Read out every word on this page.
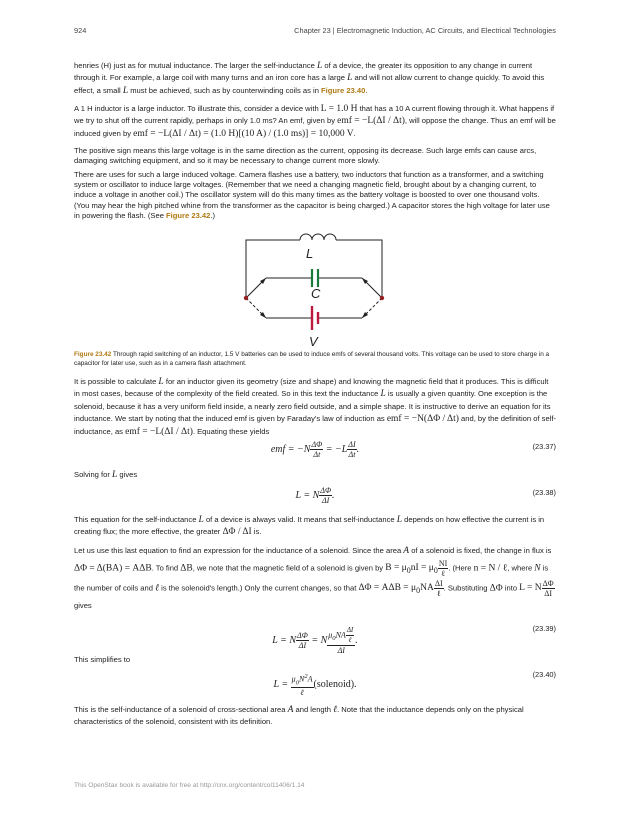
924	Chapter 23 | Electromagnetic Induction, AC Circuits, and Electrical Technologies

henries (H) just as for mutual inductance. The larger the self-inductance L of a device, the greater its opposition to any change in current through it. For example, a large coil with many turns and an iron core has a large L and will not allow current to change quickly. To avoid this effect, a small L must be achieved, such as by counterwinding coils as in Figure 23.40.

A 1 H inductor is a large inductor. To illustrate this, consider a device with L = 1.0 H that has a 10 A current flowing through it. What happens if we try to shut off the current rapidly, perhaps in only 1.0 ms? An emf, given by emf = −L(ΔI / Δt), will oppose the change. Thus an emf will be induced given by emf = −L(ΔI / Δt) = (1.0 H)[(10 A) / (1.0 ms)] = 10,000 V.

The positive sign means this large voltage is in the same direction as the current, opposing its decrease. Such large emfs can cause arcs, damaging switching equipment, and so it may be necessary to change current more slowly.

There are uses for such a large induced voltage. Camera flashes use a battery, two inductors that function as a transformer, and a switching system or oscillator to induce large voltages. (Remember that we need a changing magnetic field, brought about by a changing current, to induce a voltage in another coil.) The oscillator system will do this many times as the battery voltage is boosted to over one thousand volts. (You may hear the high pitched whine from the transformer as the capacitor is being charged.) A capacitor stores the high voltage for later use in powering the flash. (See Figure 23.42.)

L
C
V
Figure 23.42 Through rapid switching of an inductor, 1.5 V batteries can be used to induce emfs of several thousand volts. This voltage can be used to store charge in a capacitor for later use, such as in a camera flash attachment.

It is possible to calculate L for an inductor given its geometry (size and shape) and knowing the magnetic field that it produces. This is difficult in most cases, because of the complexity of the field created. So in this text the inductance L is usually a given quantity. One exception is the solenoid, because it has a very uniform field inside, a nearly zero field outside, and a simple shape. It is instructive to derive an equation for its inductance. We start by noting that the induced emf is given by Faraday's law of induction as emf = −N(ΔΦ / Δt) and, by the definition of self-inductance, as emf = −L(ΔI / Δt). Equating these yields

emf = $-N \frac{\Delta\Phi}{\Delta t} = -L \frac{\Delta I}{\Delta t}$ .	(23.37)

Solving for L gives

L = N $\frac{\Delta\Phi}{\Delta I}$ .	(23.38)

This equation for the self-inductance L of a device is always valid. It means that self-inductance L depends on how effective the current is in creating flux; the more effective, the greater ΔΦ / ΔI is.

Let us use this last equation to find an expression for the inductance of a solenoid. Since the area A of a solenoid is fixed, the change in flux is ΔΦ = Δ(BA) = AΔB. To find ΔB, we note that the magnetic field of a solenoid is given by $B = \mu_0nI = \mu_0 \frac{NI}{\text{ℓ}}$ . (Here n = N / ℓ, where N is the number of coils and ℓ is the solenoid's length.) Only the current changes, so that $\Delta\Phi = A\Delta B = \mu_0NA \frac{\Delta I}{\text{ℓ}}$ . Substituting ΔΦ into L = N $\frac{\Delta\Phi}{\Delta I}$
gives

L = N $\frac{\Delta\Phi}{\Delta I} = N \frac{\mu_0NA \frac{\Delta I}{\text{ℓ}}}{\Delta I}$ .
(23.39)

This simplifies to

$L = \frac{\mu_0N^2A}{\text{ℓ}}$ (solenoid).
(23.40)

This is the self-inductance of a solenoid of cross-sectional area A and length ℓ. Note that the inductance depends only on the physical characteristics of the solenoid, consistent with its definition.

This OpenStax book is available for free at http://cnx.org/content/col11406/1.14
